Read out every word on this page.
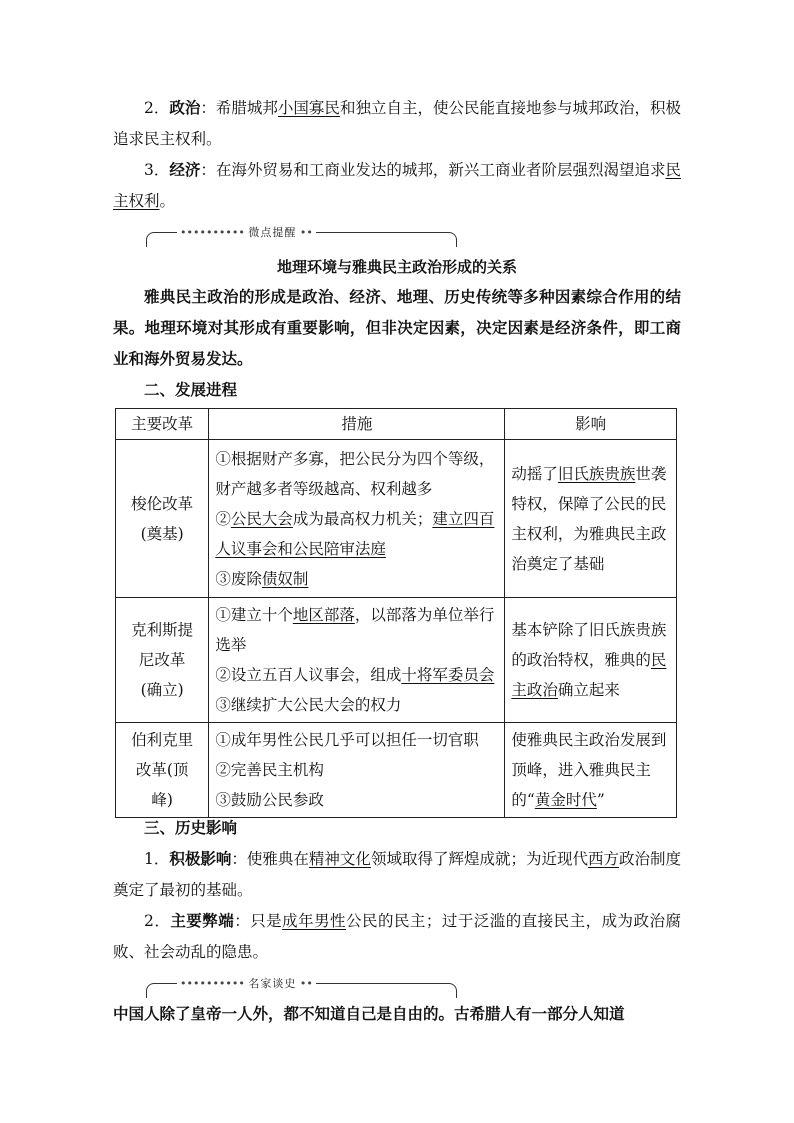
2．政治：希腊城邦小国寡民和独立自主，使公民能直接地参与城邦政治，积极追求民主权利。
3．经济：在海外贸易和工商业发达的城邦，新兴工商业者阶层强烈渴望追求民主权利。
•••••••••• 微点提醒 ••
地理环境与雅典民主政治形成的关系
雅典民主政治的形成是政治、经济、地理、历史传统等多种因素综合作用的结果。地理环境对其形成有重要影响，但非决定因素，决定因素是经济条件，即工商业和海外贸易发达。
二、发展进程
主要改革	措施	影响

梭伦改革
(奠基)	①根据财产多寡，把公民分为四个等级，财产越多者等级越高、权利越多
②公民大会成为最高权力机关；建立四百人议事会和公民陪审法庭
③废除债奴制	动摇了旧氏族贵族世袭特权，保障了公民的民主权利，为雅典民主政治奠定了基础

克利斯提
尼改革
(确立)	①建立十个地区部落，以部落为单位举行选举
②设立五百人议事会，组成十将军委员会
③继续扩大公民大会的权力	基本铲除了旧氏族贵族的政治特权，雅典的民主政治确立起来

伯利克里
改革(顶
峰)	①成年男性公民几乎可以担任一切官职
②完善民主机构
③鼓励公民参政	使雅典民主政治发展到顶峰，进入雅典民主的“黄金时代”
三、历史影响
1．积极影响：使雅典在精神文化领域取得了辉煌成就；为近现代西方政治制度奠定了最初的基础。
2．主要弊端：只是成年男性公民的民主；过于泛滥的直接民主，成为政治腐败、社会动乱的隐患。
•••••••••• 名家谈史 ••
中国人除了皇帝一人外，都不知道自己是自由的。古希腊人有一部分人知道
